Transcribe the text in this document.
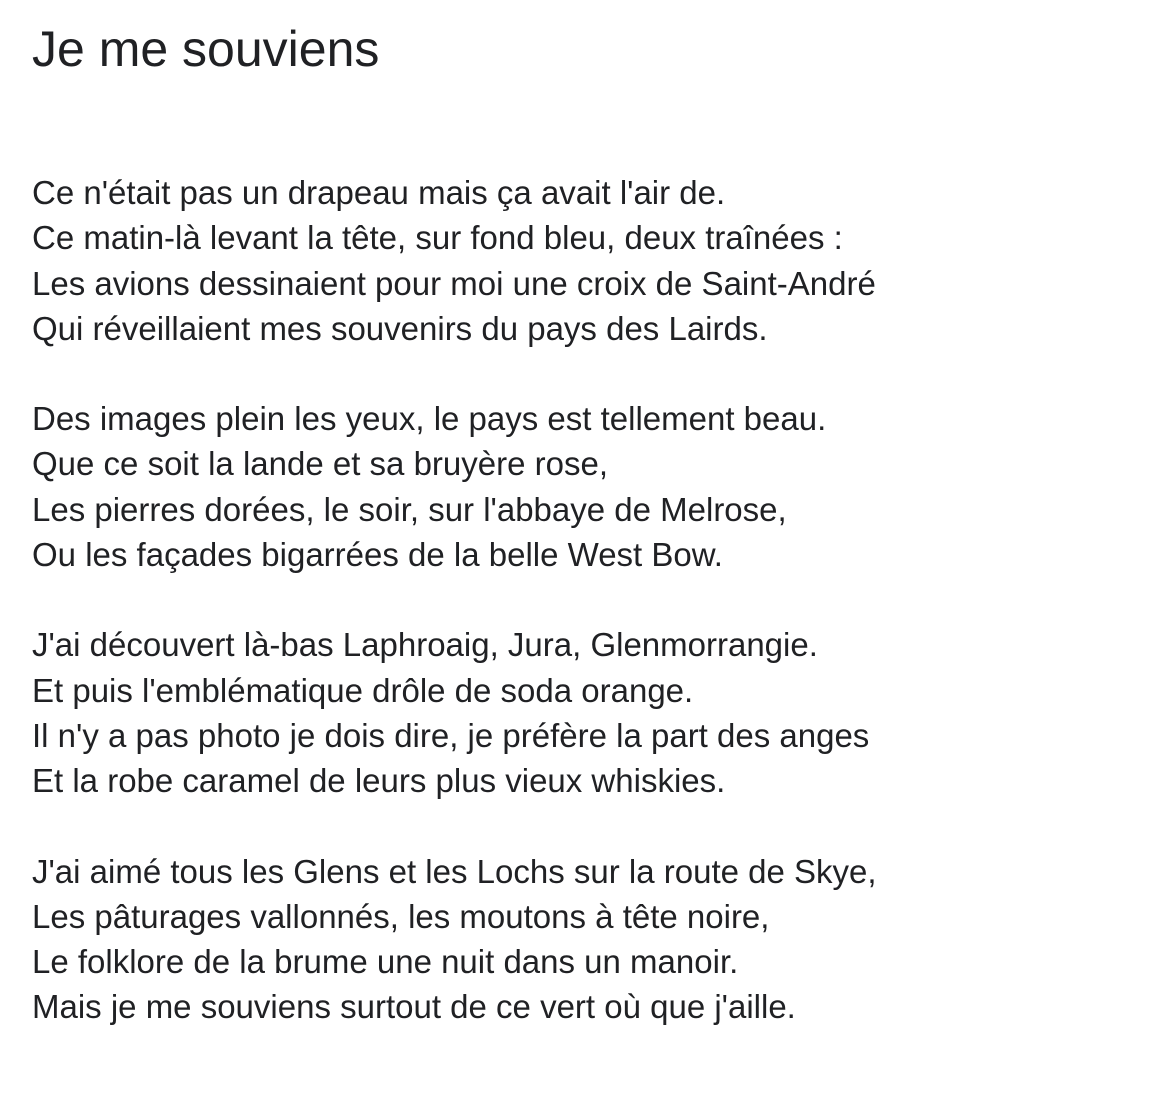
Je me souviens
Ce n'était pas un drapeau mais ça avait l'air de.
Ce matin-là levant la tête, sur fond bleu, deux traînées :
Les avions dessinaient pour moi une croix de Saint-André
Qui réveillaient mes souvenirs du pays des Lairds.
Des images plein les yeux, le pays est tellement beau.
Que ce soit la lande et sa bruyère rose,
Les pierres dorées, le soir, sur l'abbaye de Melrose,
Ou les façades bigarrées de la belle West Bow.
J'ai découvert là-bas Laphroaig, Jura, Glenmorrangie.
Et puis l'emblématique drôle de soda orange.
Il n'y a pas photo je dois dire, je préfère la part des anges
Et la robe caramel de leurs plus vieux whiskies.
J'ai aimé tous les Glens et les Lochs sur la route de Skye,
Les pâturages vallonnés, les moutons à tête noire,
Le folklore de la brume une nuit dans un manoir.
Mais je me souviens surtout de ce vert où que j'aille.
